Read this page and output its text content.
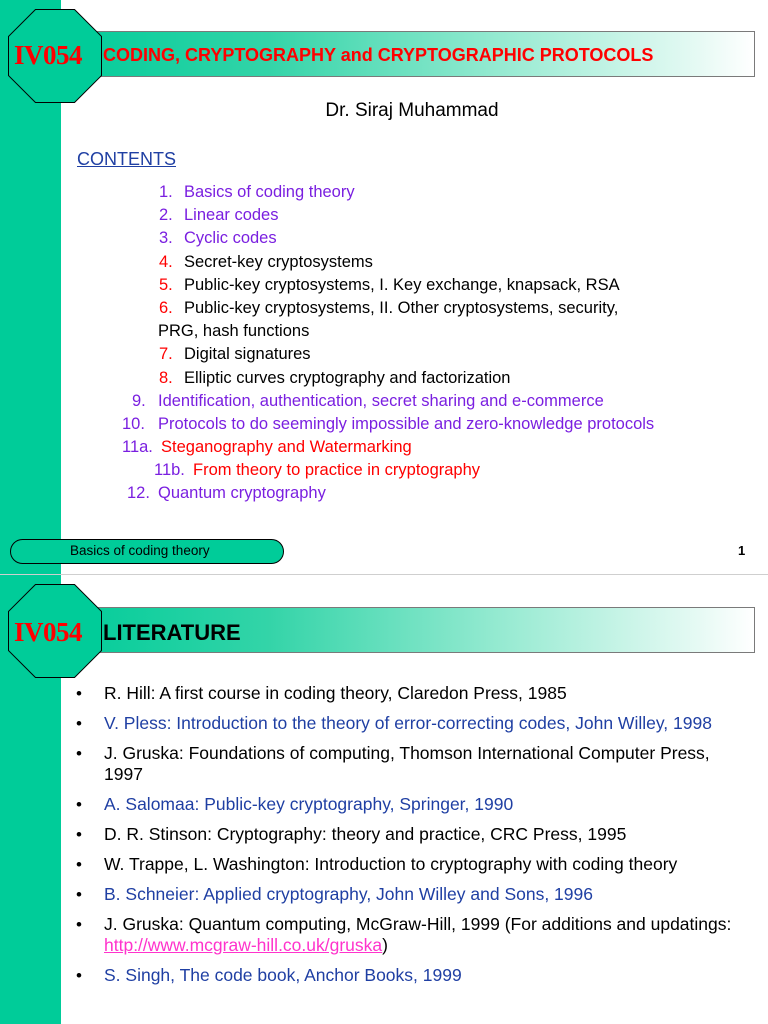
IV054	CODING, CRYPTOGRAPHY and CRYPTOGRAPHIC PROTOCOLS
Dr. Siraj Muhammad
CONTENTS
1. Basics of coding theory
2. Linear codes
3. Cyclic codes
4. Secret-key cryptosystems
5. Public-key cryptosystems, I. Key exchange, knapsack, RSA
6. Public-key cryptosystems, II. Other cryptosystems, security,
PRG, hash functions
7. Digital signatures
8. Elliptic curves cryptography and factorization
9. Identification, authentication, secret sharing and e-commerce
10. Protocols to do seemingly impossible and zero-knowledge protocols
11a. Steganography and Watermarking
11b. From theory to practice in cryptography
12. Quantum cryptography
Basics of coding theory	1
IV054 LITERATURE
• R. Hill: A first course in coding theory, Claredon Press, 1985
• V. Pless: Introduction to the theory of error-correcting codes, John Willey, 1998
• J. Gruska: Foundations of computing, Thomson International Computer Press, 1997
• A. Salomaa: Public-key cryptography, Springer, 1990
• D. R. Stinson: Cryptography: theory and practice, CRC Press, 1995
• W. Trappe, L. Washington: Introduction to cryptography with coding theory
• B. Schneier: Applied cryptography, John Willey and Sons, 1996
• J. Gruska: Quantum computing, McGraw-Hill, 1999 (For additions and updatings: http://www.mcgraw-hill.co.uk/gruska)
• S. Singh, The code book, Anchor Books, 1999
